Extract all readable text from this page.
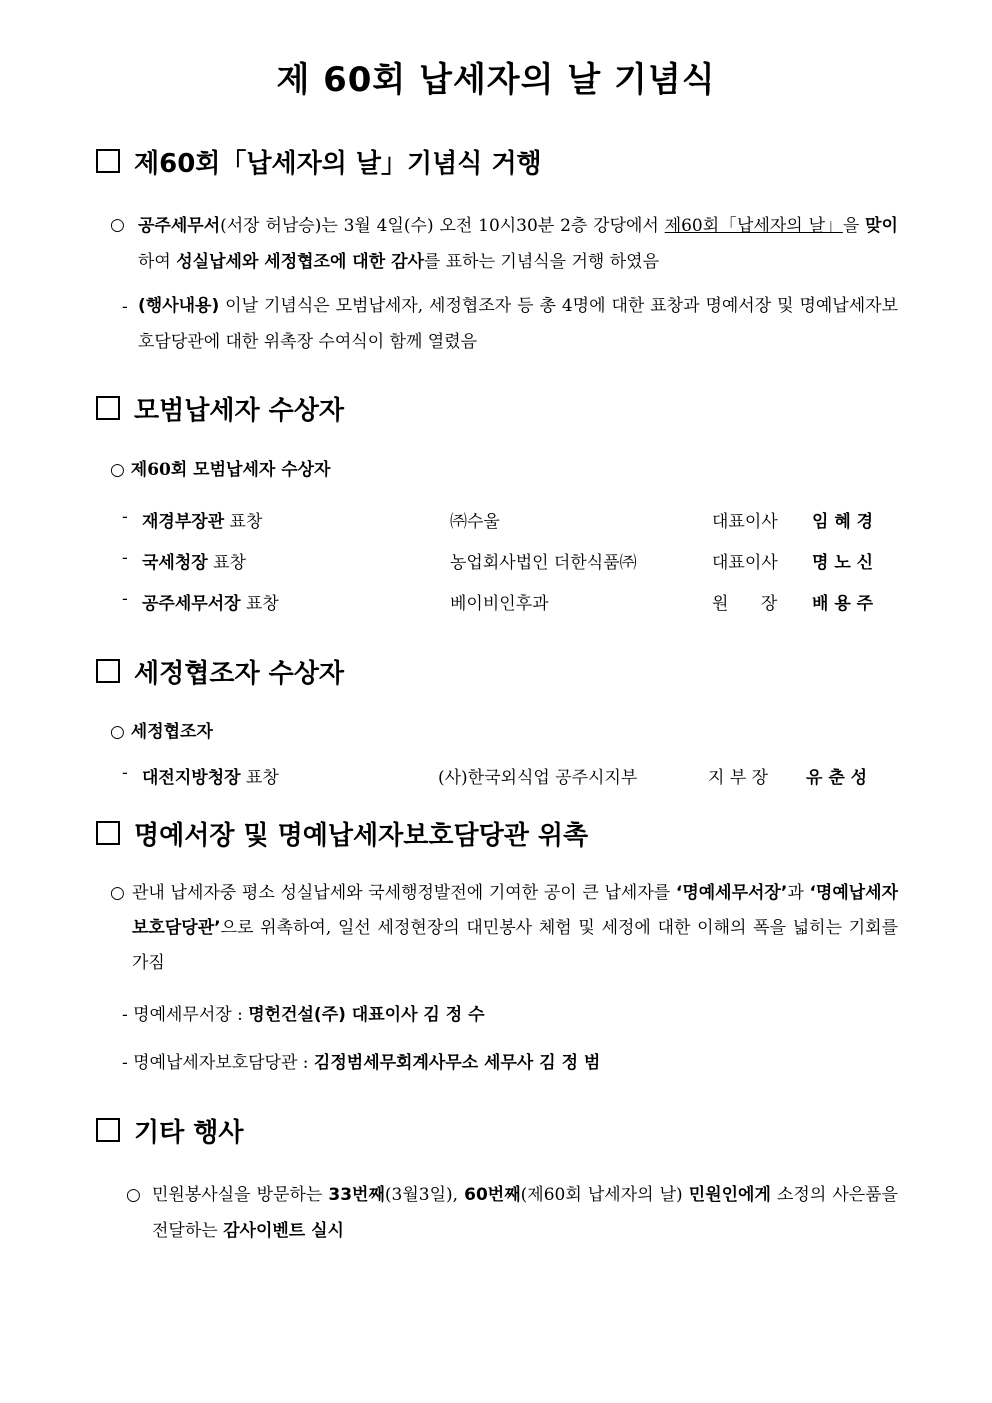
제 60회 납세자의 날 기념식
제60회「납세자의 날」기념식 거행
○ 공주세무서(서장 허남승)는 3월 4일(수) 오전 10시30분 2층 강당에서 제60회「납세자의 날」을 맞이하여 성실납세와 세정협조에 대한 감사를 표하는 기념식을 거행 하였음
- (행사내용) 이날 기념식은 모범납세자, 세정협조자 등 총 4명에 대한 표창과 명예서장 및 명예납세자보호담당관에 대한 위촉장 수여식이 함께 열렸음
모범납세자 수상자
○ 제60회 모범납세자 수상자
- 재경부장관 표창	㈜수울	대표이사 임 혜 경
- 국세청장 표창	농업회사법인 더한식품㈜	대표이사 명 노 신
- 공주세무서장 표창	베이비인후과	원      장 배 용 주
세정협조자 수상자
○ 세정협조자
- 대전지방청장 표창	(사)한국외식업 공주시지부	지 부 장 유 춘 성
명예서장 및 명예납세자보호담당관 위촉
○ 관내 납세자중 평소 성실납세와 국세행정발전에 기여한 공이 큰 납세자를 ‘명예세무서장’과 ‘명예납세자보호담당관’으로 위촉하여, 일선 세정현장의 대민봉사 체험 및 세정에 대한 이해의 폭을 넓히는 기회를 가짐
- 명예세무서장 : 명헌건설(주) 대표이사 김 정 수
- 명예납세자보호담당관 : 김정범세무회계사무소 세무사 김 정 범
기타 행사
○ 민원봉사실을 방문하는 33번째(3월3일), 60번째(제60회 납세자의 날) 민원인에게 소정의 사은품을 전달하는 감사이벤트 실시
